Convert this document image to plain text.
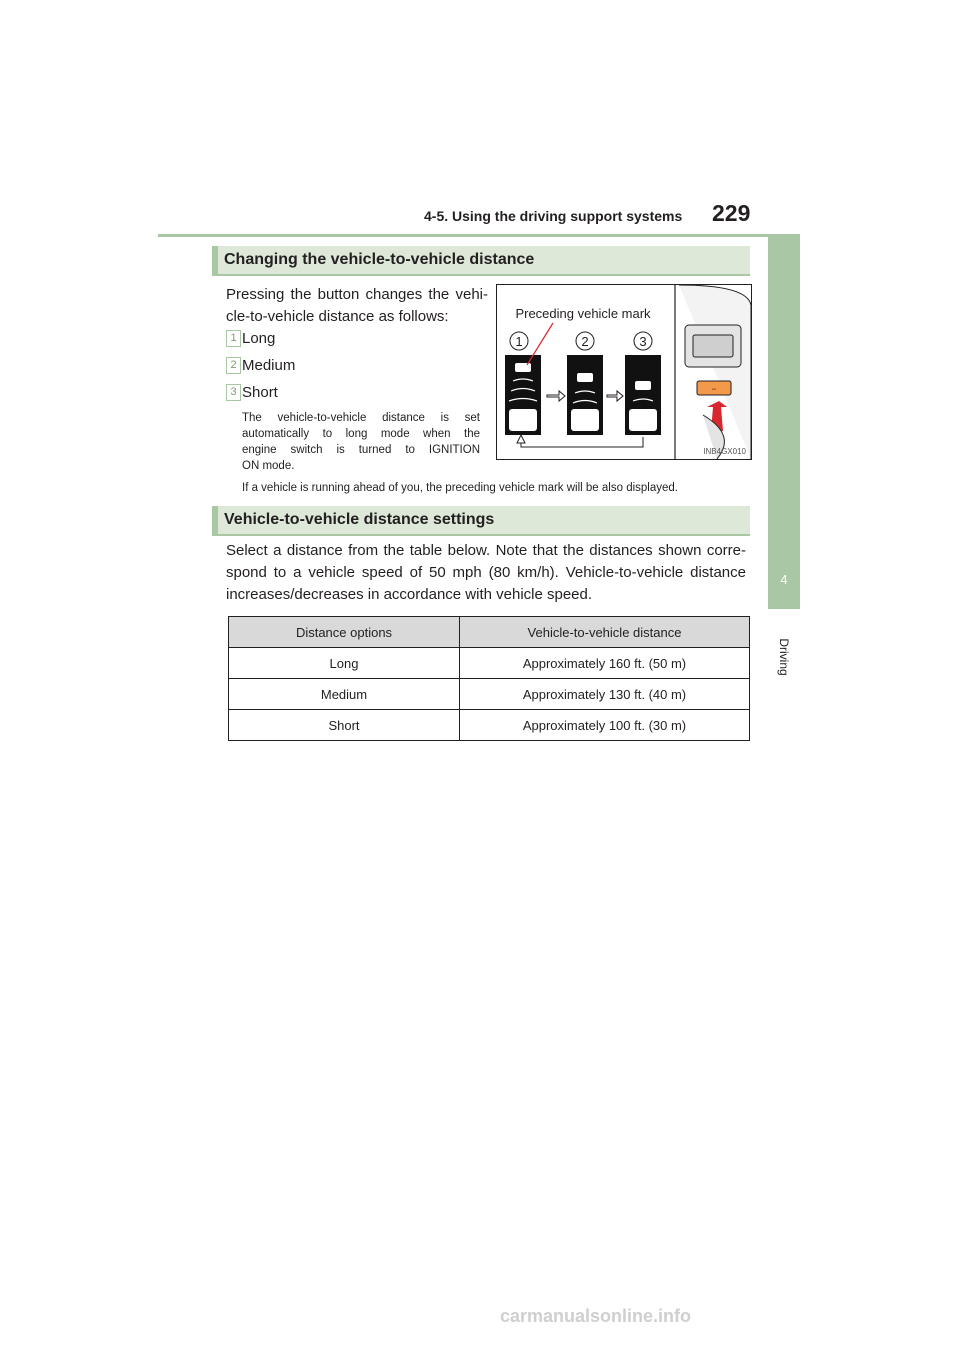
4-5. Using the driving support systems 229
4
Driving
Changing the vehicle-to-vehicle distance
Pressing the button changes the vehi-
cle-to-vehicle distance as follows:
1 Long
2 Medium
3 Short
The vehicle-to-vehicle distance is set
automatically to long mode when the
engine switch is turned to IGNITION
ON mode.
If a vehicle is running ahead of you, the preceding vehicle mark will be also displayed.
⇔
1	2	3
Preceding vehicle mark
INB4GX010
Vehicle-to-vehicle distance settings
Select a distance from the table below. Note that the distances shown corre-
spond to a vehicle speed of 50 mph (80 km/h). Vehicle-to-vehicle distance
increases/decreases in accordance with vehicle speed.
Distance options	Vehicle-to-vehicle distance
Long	Approximately 160 ft. (50 m)
Medium	Approximately 130 ft. (40 m)
Short	Approximately 100 ft. (30 m)
carmanualsonline.info
